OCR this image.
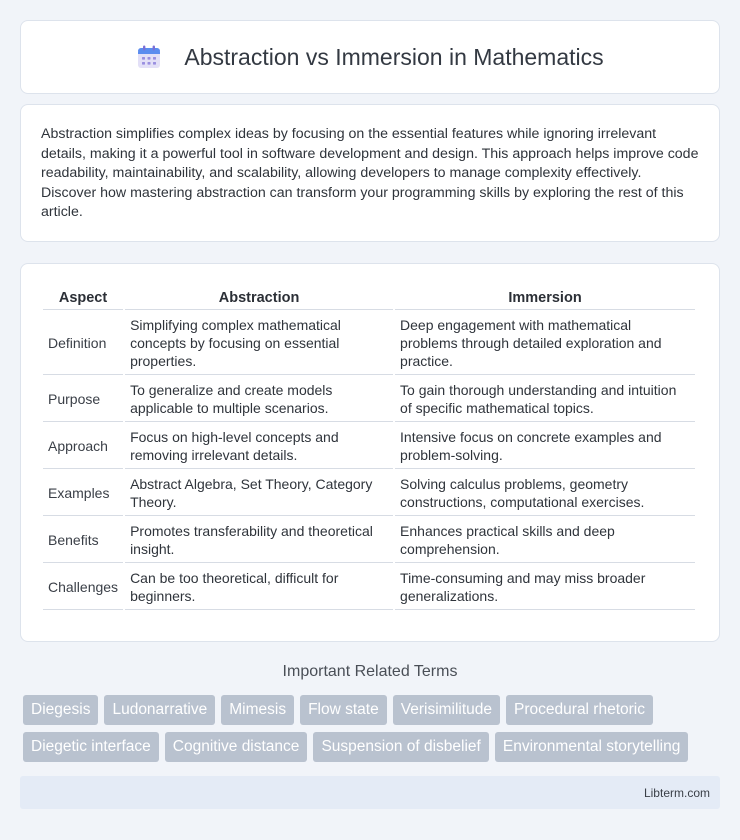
Abstraction vs Immersion in Mathematics

Abstraction simplifies complex ideas by focusing on the essential features while ignoring irrelevant details, making it a powerful tool in software development and design. This approach helps improve code readability, maintainability, and scalability, allowing developers to manage complexity effectively. Discover how mastering abstraction can transform your programming skills by exploring the rest of this article.

Aspect	Abstraction	Immersion
Definition	Simplifying complex mathematical concepts by focusing on essential properties.	Deep engagement with mathematical problems through detailed exploration and practice.
Purpose	To generalize and create models applicable to multiple scenarios.	To gain thorough understanding and intuition of specific mathematical topics.
Approach	Focus on high-level concepts and removing irrelevant details.	Intensive focus on concrete examples and problem-solving.
Examples	Abstract Algebra, Set Theory, Category Theory.	Solving calculus problems, geometry constructions, computational exercises.
Benefits	Promotes transferability and theoretical insight.	Enhances practical skills and deep comprehension.
Challenges	Can be too theoretical, difficult for beginners.	Time-consuming and may miss broader generalizations.
Important Related Terms
Diegesis	Ludonarrative	Mimesis	Flow state	Verisimilitude	Procedural rhetoric
Diegetic interface	Cognitive distance	Suspension of disbelief	Environmental storytelling
Libterm.com
